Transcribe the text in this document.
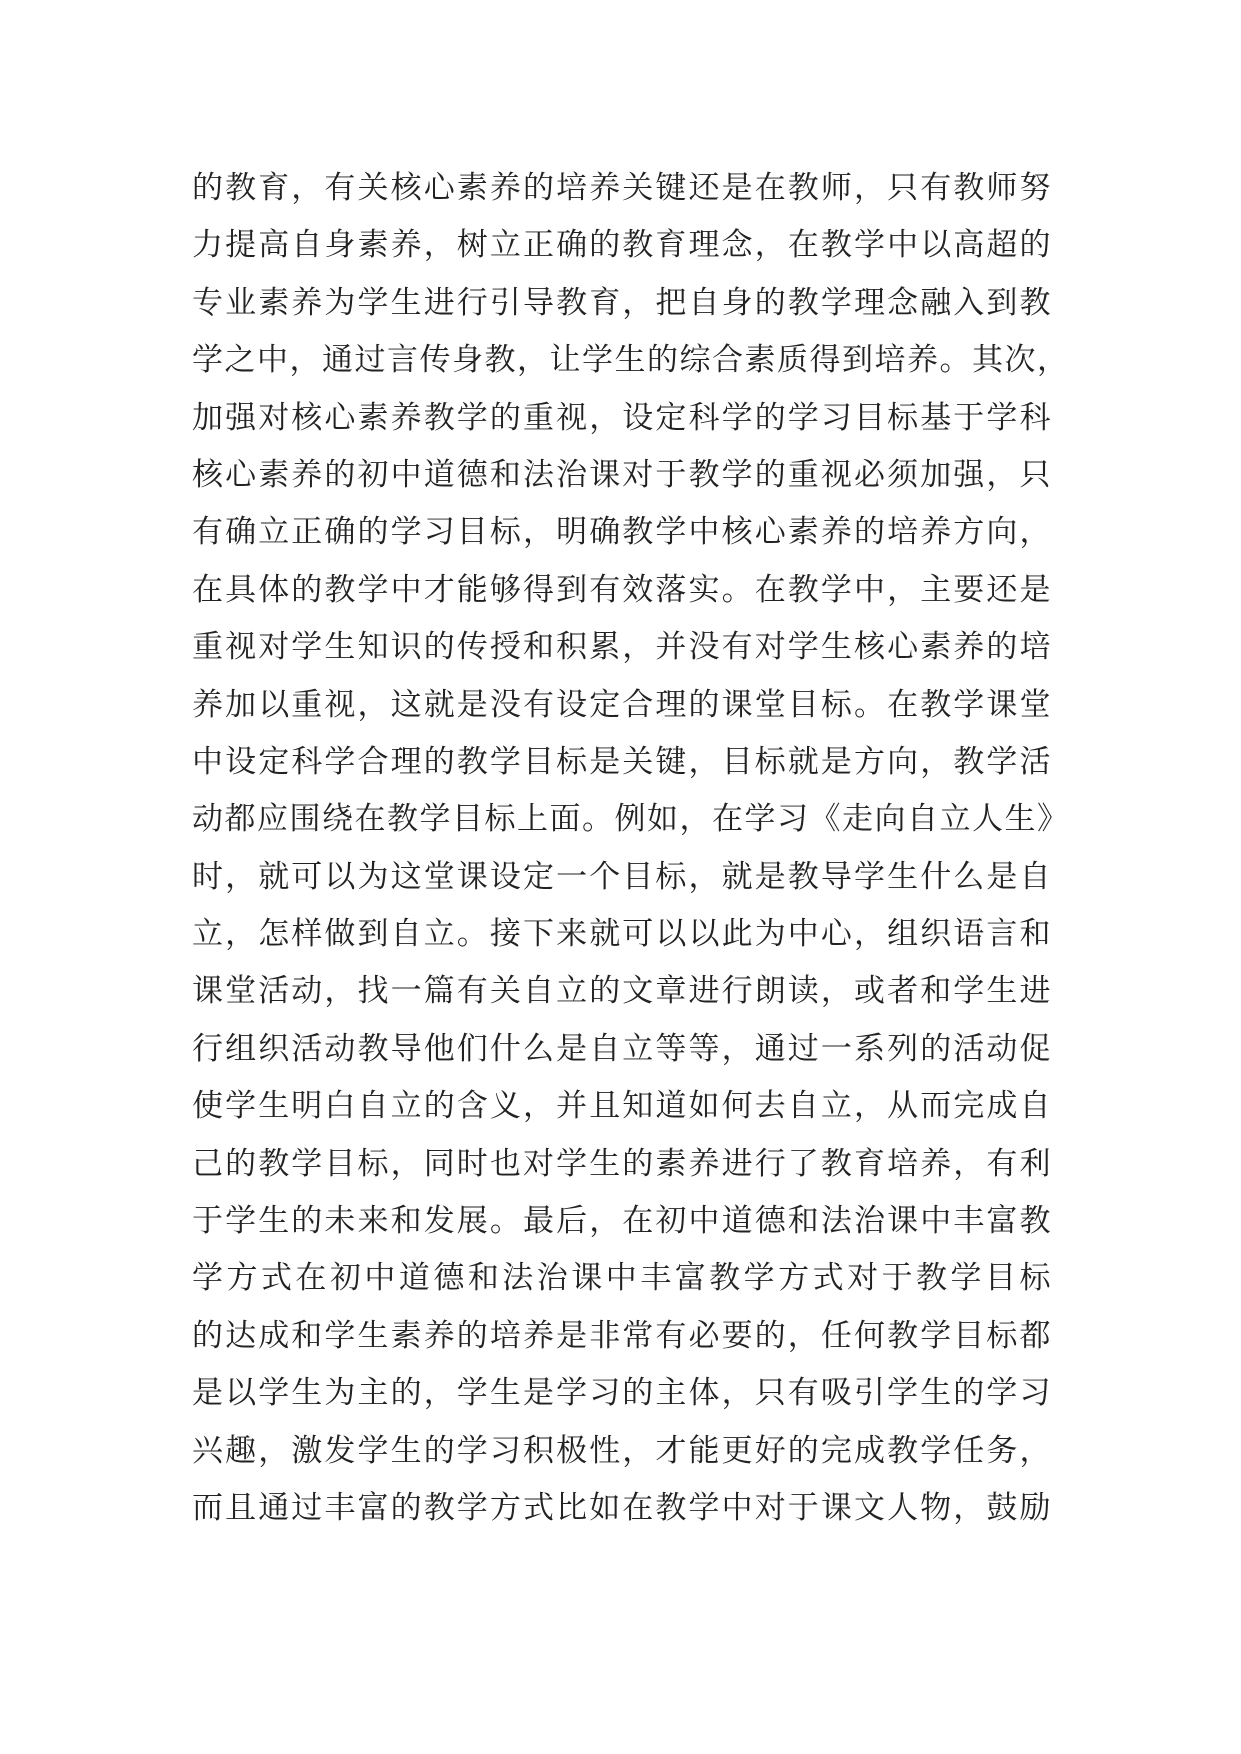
的教育，有关核心素养的培养关键还是在教师，只有教师努
力提高自身素养，树立正确的教育理念，在教学中以高超的
专业素养为学生进行引导教育，把自身的教学理念融入到教
学之中，通过言传身教，让学生的综合素质得到培养。其次，
加强对核心素养教学的重视，设定科学的学习目标基于学科
核心素养的初中道德和法治课对于教学的重视必须加强，只
有确立正确的学习目标，明确教学中核心素养的培养方向，
在具体的教学中才能够得到有效落实。在教学中，主要还是
重视对学生知识的传授和积累，并没有对学生核心素养的培
养加以重视，这就是没有设定合理的课堂目标。在教学课堂
中设定科学合理的教学目标是关键，目标就是方向，教学活
动都应围绕在教学目标上面。例如，在学习《走向自立人生》
时，就可以为这堂课设定一个目标，就是教导学生什么是自
立，怎样做到自立。接下来就可以以此为中心，组织语言和
课堂活动，找一篇有关自立的文章进行朗读，或者和学生进
行组织活动教导他们什么是自立等等，通过一系列的活动促
使学生明白自立的含义，并且知道如何去自立，从而完成自
己的教学目标，同时也对学生的素养进行了教育培养，有利
于学生的未来和发展。最后，在初中道德和法治课中丰富教
学方式在初中道德和法治课中丰富教学方式对于教学目标
的达成和学生素养的培养是非常有必要的，任何教学目标都
是以学生为主的，学生是学习的主体，只有吸引学生的学习
兴趣，激发学生的学习积极性，才能更好的完成教学任务，
而且通过丰富的教学方式比如在教学中对于课文人物，鼓励
